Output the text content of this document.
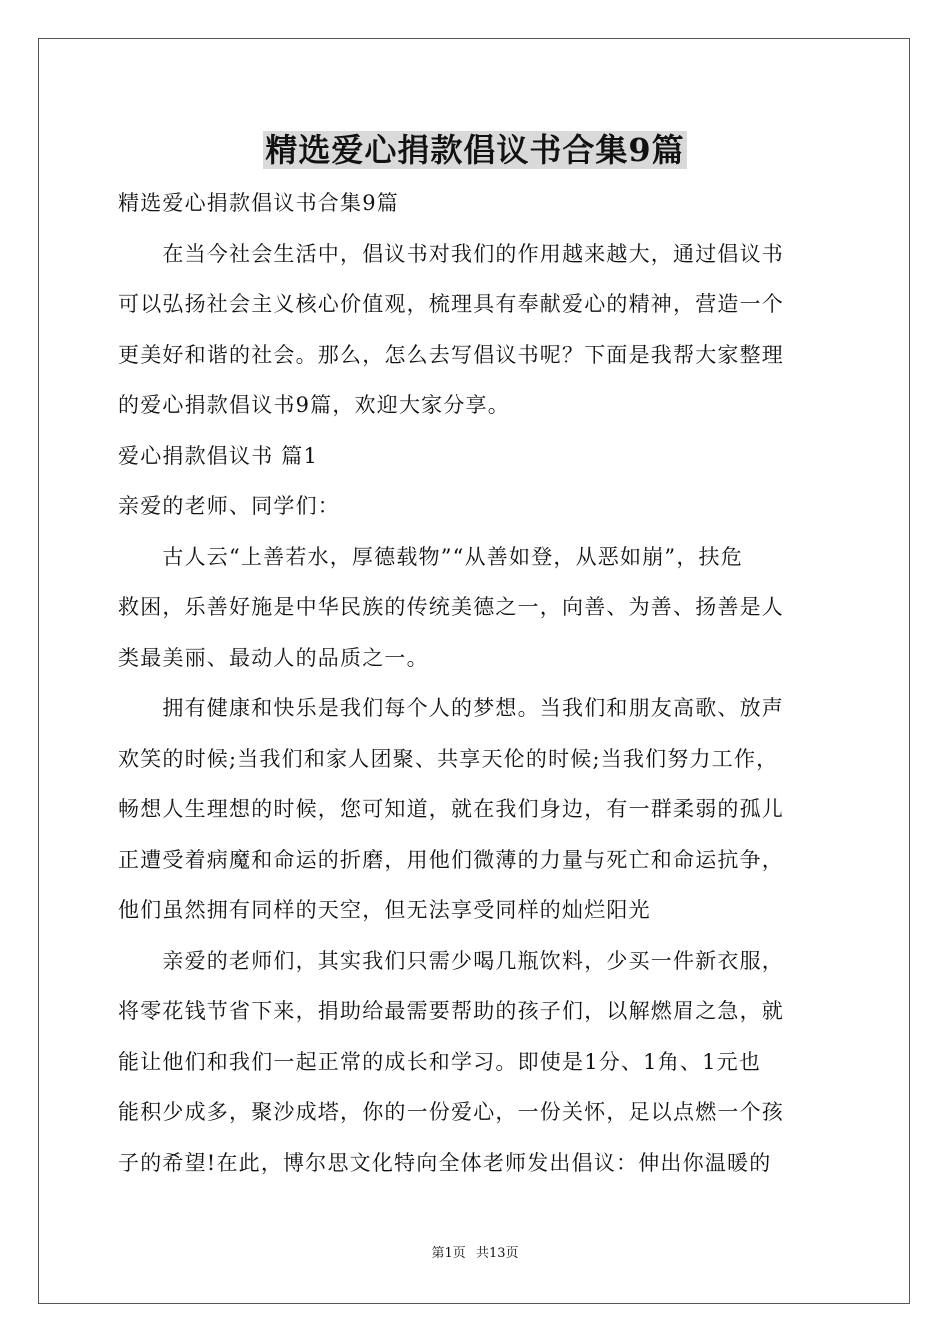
精选爱心捐款倡议书合集9篇

精选爱心捐款倡议书合集9篇

　　在当今社会生活中，倡议书对我们的作用越来越大，通过倡议书

可以弘扬社会主义核心价值观，梳理具有奉献爱心的精神，营造一个

更美好和谐的社会。那么，怎么去写倡议书呢？下面是我帮大家整理

的爱心捐款倡议书9篇，欢迎大家分享。

爱心捐款倡议书 篇1

亲爱的老师、同学们：

　　古人云“上善若水，厚德载物”“从善如登，从恶如崩”，扶危

救困，乐善好施是中华民族的传统美德之一，向善、为善、扬善是人

类最美丽、最动人的品质之一。

　　拥有健康和快乐是我们每个人的梦想。当我们和朋友高歌、放声

欢笑的时候;当我们和家人团聚、共享天伦的时候;当我们努力工作，

畅想人生理想的时候，您可知道，就在我们身边，有一群柔弱的孤儿

正遭受着病魔和命运的折磨，用他们微薄的力量与死亡和命运抗争，

他们虽然拥有同样的天空，但无法享受同样的灿烂阳光

　　亲爱的老师们，其实我们只需少喝几瓶饮料，少买一件新衣服，

将零花钱节省下来，捐助给最需要帮助的孩子们，以解燃眉之急，就

能让他们和我们一起正常的成长和学习。即使是1分、1角、1元也

能积少成多，聚沙成塔，你的一份爱心，一份关怀，足以点燃一个孩

子的希望!在此，博尔思文化特向全体老师发出倡议：伸出你温暖的

第1页 共13页
